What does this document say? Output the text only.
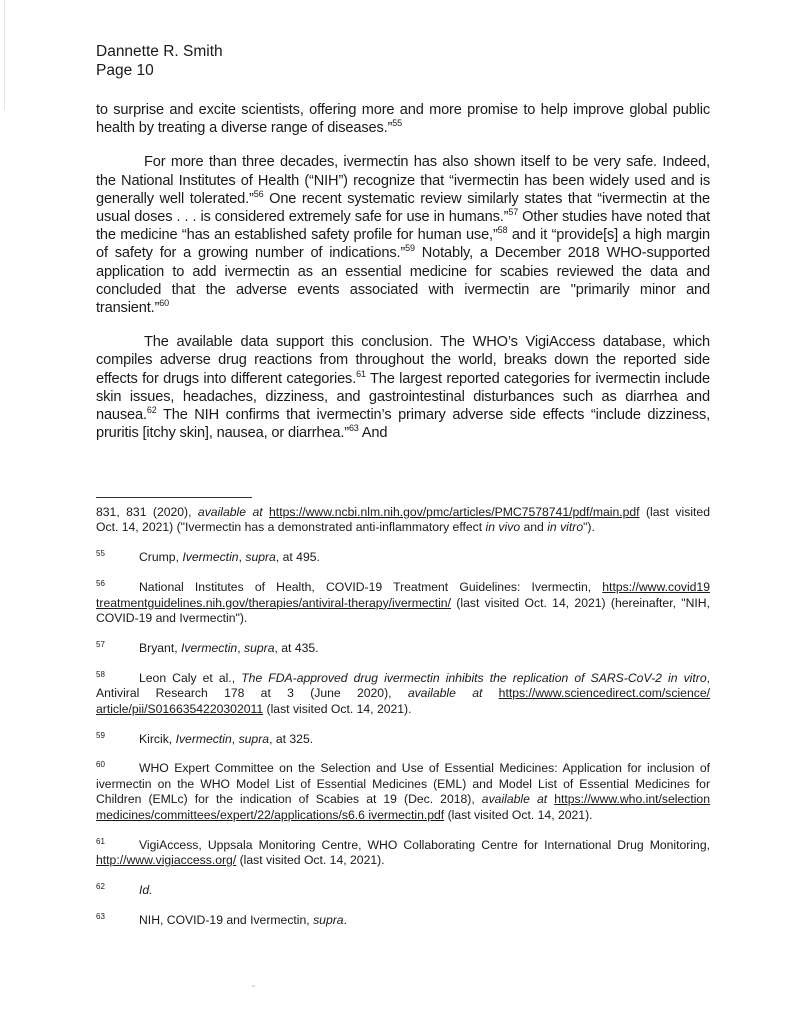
Dannette R. Smith
Page 10

to surprise and excite scientists, offering more and more promise to help improve global public health by treating a diverse range of diseases.”$^{55}$

For more than three decades, ivermectin has also shown itself to be very safe. Indeed, the National Institutes of Health (“NIH”) recognize that “ivermectin has been widely used and is generally well tolerated.”$^{56}$ One recent systematic review similarly states that “ivermectin at the usual doses . . . is considered extremely safe for use in humans.”$^{57}$ Other studies have noted that the medicine “has an established safety profile for human use,”$^{58}$ and it “provide[s] a high margin of safety for a growing number of indications.”$^{59}$ Notably, a December 2018 WHO-supported application to add ivermectin as an essential medicine for scabies reviewed the data and concluded that the adverse events associated with ivermectin are "primarily minor and transient.”$^{60}$

The available data support this conclusion. The WHO’s VigiAccess database, which compiles adverse drug reactions from throughout the world, breaks down the reported side effects for drugs into different categories.$^{61}$ The largest reported categories for ivermectin include skin issues, headaches, dizziness, and gastrointestinal disturbances such as diarrhea and nausea.$^{62}$ The NIH confirms that ivermectin’s primary adverse side effects “include dizziness, pruritis [itchy skin], nausea, or diarrhea.”$^{63}$ And

831, 831 (2020), available at https://www.ncbi.nlm.nih.gov/pmc/articles/PMC7578741/pdf/main.pdf (last visited Oct. 14, 2021) ("Ivermectin has a demonstrated anti-inflammatory effect in vivo and in vitro").
55	Crump, Ivermectin, supra, at 495.
56	National Institutes of Health, COVID-19 Treatment Guidelines: Ivermectin, https://www.covid19 treatmentguidelines.nih.gov/therapies/antiviral-therapy/ivermectin/ (last visited Oct. 14, 2021) (hereinafter, "NIH, COVID-19 and Ivermectin").
57	Bryant, Ivermectin, supra, at 435.
58	Leon Caly et al., The FDA-approved drug ivermectin inhibits the replication of SARS-CoV-2 in vitro, Antiviral Research 178 at 3 (June 2020), available at https://www.sciencedirect.com/science/ article/pii/S0166354220302011 (last visited Oct. 14, 2021).
59	Kircik, Ivermectin, supra, at 325.
60	WHO Expert Committee on the Selection and Use of Essential Medicines: Application for inclusion of ivermectin on the WHO Model List of Essential Medicines (EML) and Model List of Essential Medicines for Children (EMLc) for the indication of Scabies at 19 (Dec. 2018), available at https://www.who.int/selection medicines/committees/expert/22/applications/s6.6 ivermectin.pdf (last visited Oct. 14, 2021).
61	VigiAccess, Uppsala Monitoring Centre, WHO Collaborating Centre for International Drug Monitoring, http://www.vigiaccess.org/ (last visited Oct. 14, 2021).
62	Id.
63	NIH, COVID-19 and Ivermectin, supra.
